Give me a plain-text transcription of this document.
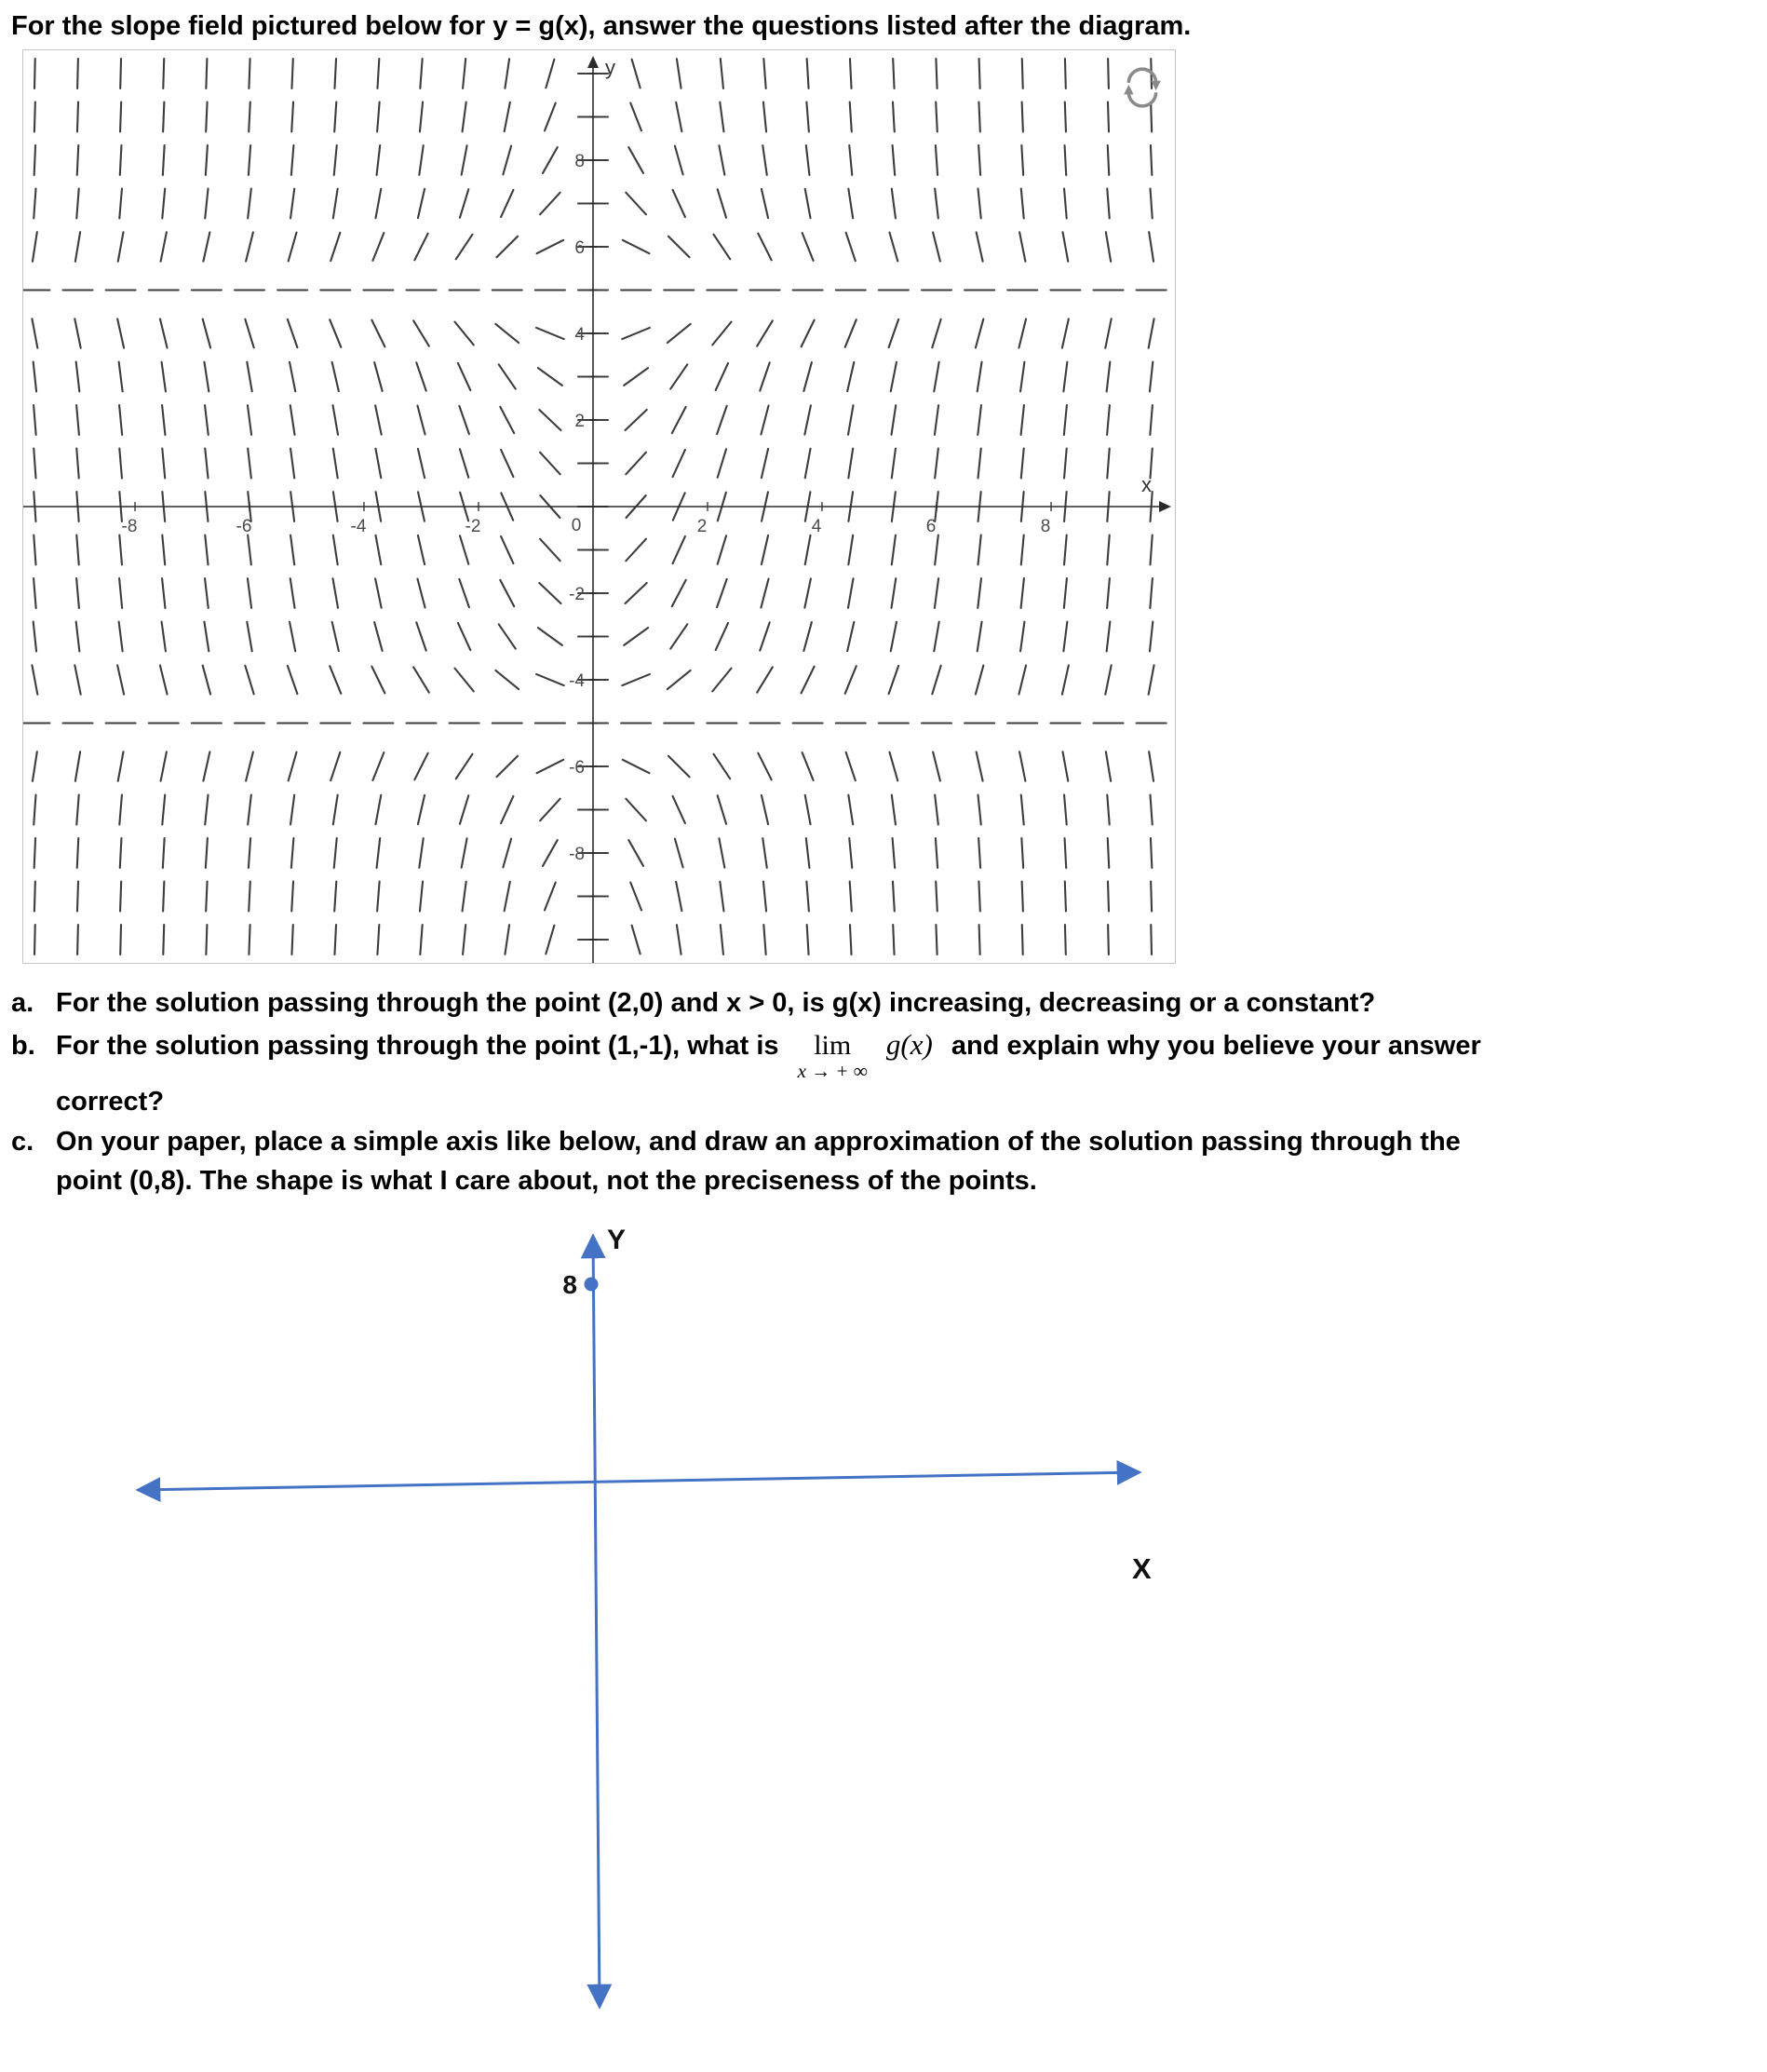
For the slope field pictured below for y = g(x), answer the questions listed after the diagram.
y
x
-8	-6	-4	-2	0	2	4	6	8
8
6
4
2
-2
-4
-6
-8
a. For the solution passing through the point (2,0) and x > 0, is g(x) increasing, decreasing or a constant?
b. For the solution passing through the point (1,-1), what is lim
x → + ∞
g(x) and explain why you believe your answer
correct?
c. On your paper, place a simple axis like below, and draw an approximation of the solution passing through the
point (0,8). The shape is what I care about, not the preciseness of the points.
8
Y
X
